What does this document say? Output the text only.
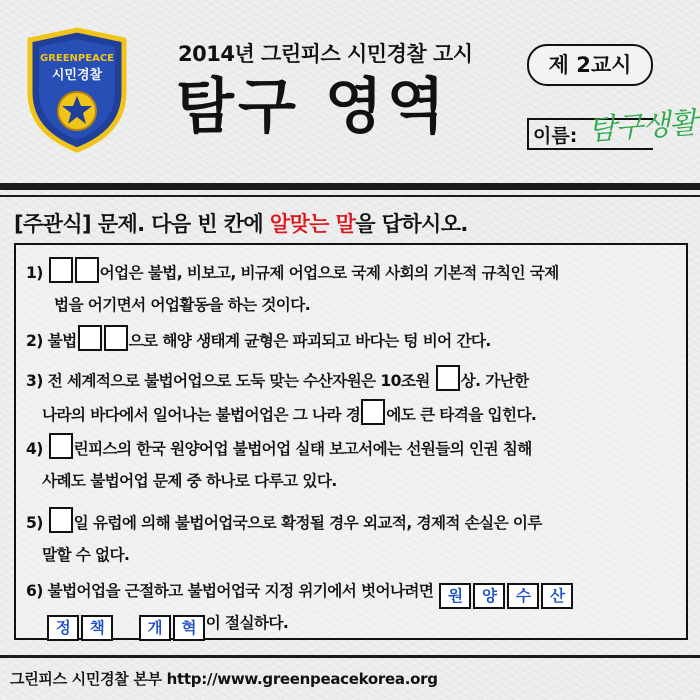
GREENPEACE
시민경찰
2014년 그린피스 시민경찰 고시
탐구 영역
제 2교시
이름: 탐구생활
[주관식] 문제. 다음 빈 칸에 알맞는 말을 답하시오.
1)	어업은 불법, 비보고, 비규제 어업으로 국제 사회의 기본적 규칙인 국제
법을 어기면서 어업활동을 하는 것이다.
2) 불법	으로 해양 생태계 균형은 파괴되고 바다는 텅 비어 간다.
3) 전 세계적으로 불법어업으로 도둑 맞는 수산자원은 10조원 상. 가난한
나라의 바다에서 일어나는 불법어업은 그 나라 경 에도 큰 타격을 입힌다.
4) 린피스의 한국 원양어업 불법어업 실태 보고서에는 선원들의 인권 침해
사례도 불법어업 문제 중 하나로 다루고 있다.
5) 일 유럽에 의해 불법어업국으로 확정될 경우 외교적, 경제적 손실은 이루
말할 수 없다.
6) 불법어업을 근절하고 불법어업국 지정 위기에서 벗어나려면 원 양 수 산
정 책	개 혁 이 절실하다.
그린피스 시민경찰 본부 http://www.greenpeacekorea.org
